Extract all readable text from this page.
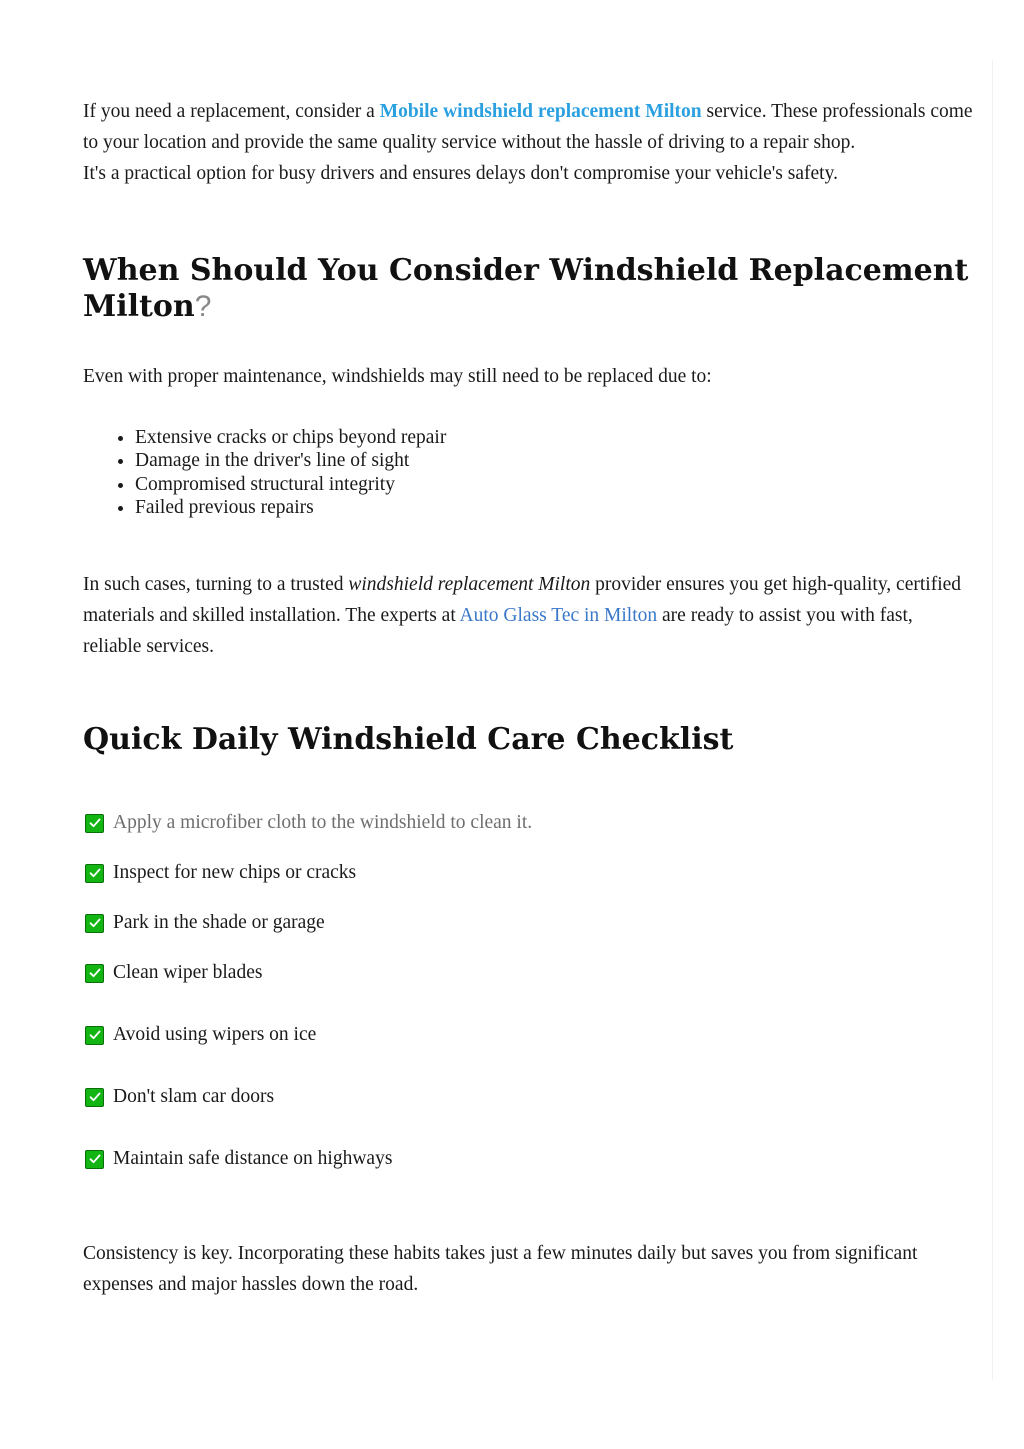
If you need a replacement, consider a Mobile windshield replacement Milton service. These professionals come to your location and provide the same quality service without the hassle of driving to a repair shop.
It's a practical option for busy drivers and ensures delays don't compromise your vehicle's safety.

When Should You Consider Windshield Replacement Milton?

Even with proper maintenance, windshields may still need to be replaced due to:

• Extensive cracks or chips beyond repair
• Damage in the driver's line of sight
• Compromised structural integrity
• Failed previous repairs

In such cases, turning to a trusted windshield replacement Milton provider ensures you get high-quality, certified materials and skilled installation. The experts at Auto Glass Tec in Milton are ready to assist you with fast, reliable services.

Quick Daily Windshield Care Checklist
Apply a microfiber cloth to the windshield to clean it.
Inspect for new chips or cracks
Park in the shade or garage
Clean wiper blades
Avoid using wipers on ice
Don't slam car doors
Maintain safe distance on highways

Consistency is key. Incorporating these habits takes just a few minutes daily but saves you from significant expenses and major hassles down the road.
